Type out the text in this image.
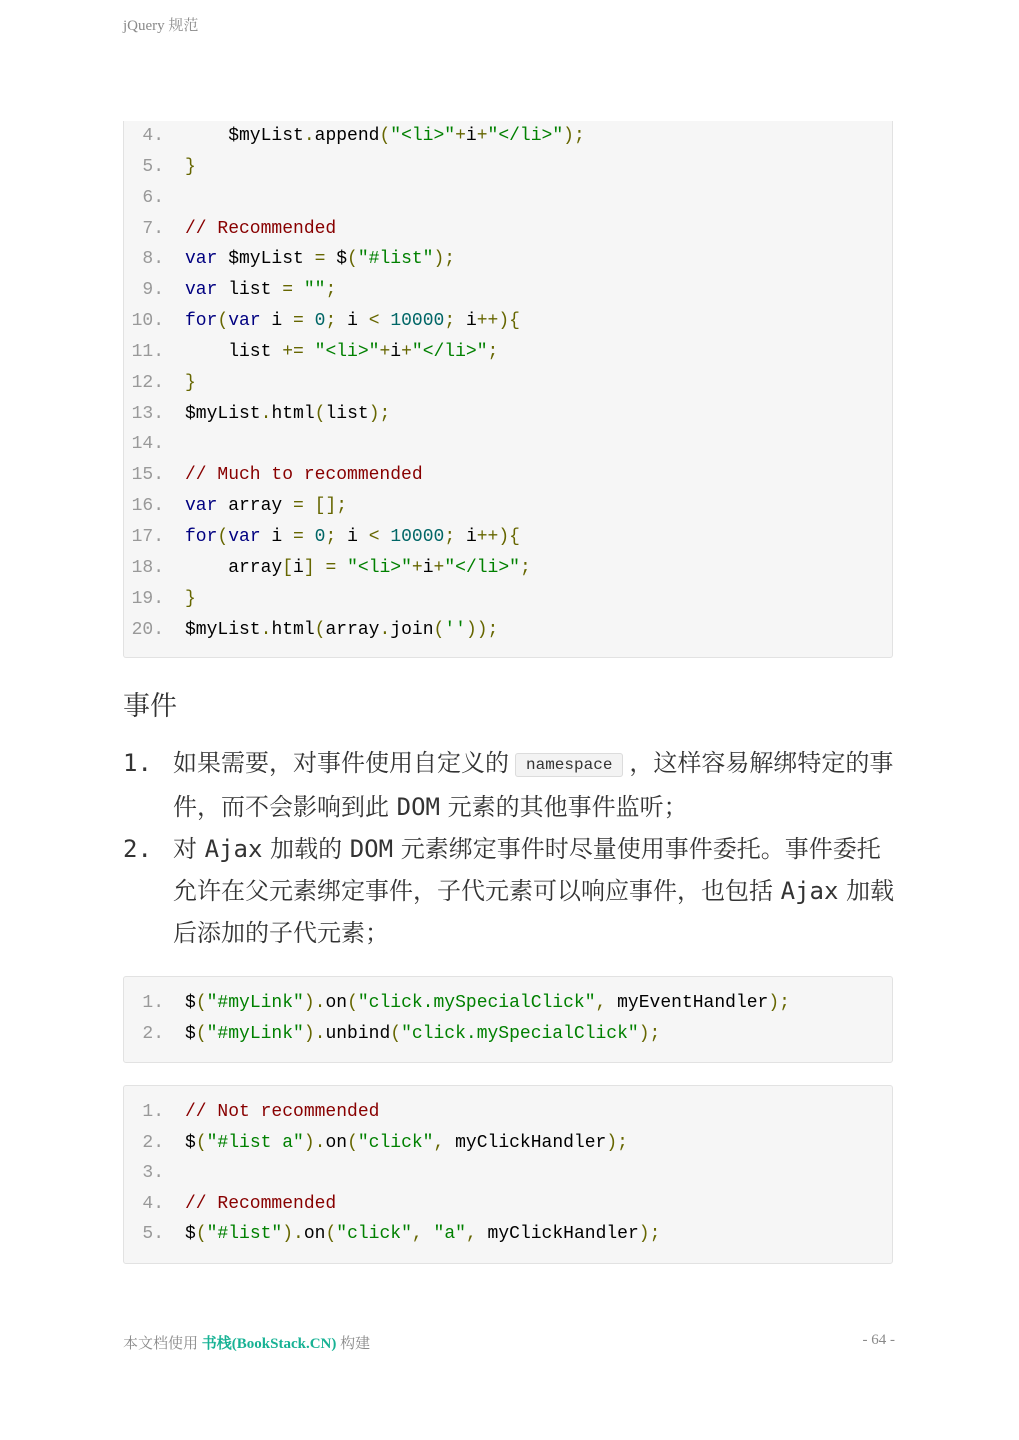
jQuery 规范
4. $myList.append("<li>"+i+"</li>");
5. }
6.
7. // Recommended
8. var $myList = $("#list");
9. var list = "";
10. for(var i = 0; i < 10000; i++){
11. list += "<li>"+i+"</li>";
12. }
13. $myList.html(list);
14.
15. // Much to recommended
16. var array = [];
17. for(var i = 0; i < 10000; i++){
18. array[i] = "<li>"+i+"</li>";
19. }
20. $myList.html(array.join(''));
事件
1. 如果需要，对事件使用自定义的 namespace ，这样容易解绑特定的事件，而不会影响到此 DOM 元素的其他事件监听；
2. 对 Ajax 加载的 DOM 元素绑定事件时尽量使用事件委托。事件委托允许在父元素绑定事件，子代元素可以响应事件，也包括 Ajax 加载后添加的子代元素；
1. $("#myLink").on("click.mySpecialClick", myEventHandler);
2. $("#myLink").unbind("click.mySpecialClick");
1. // Not recommended
2. $("#list a").on("click", myClickHandler);
3.
4. // Recommended
5. $("#list").on("click", "a", myClickHandler);
本文档使用 书栈(BookStack.CN) 构建	- 64 -
